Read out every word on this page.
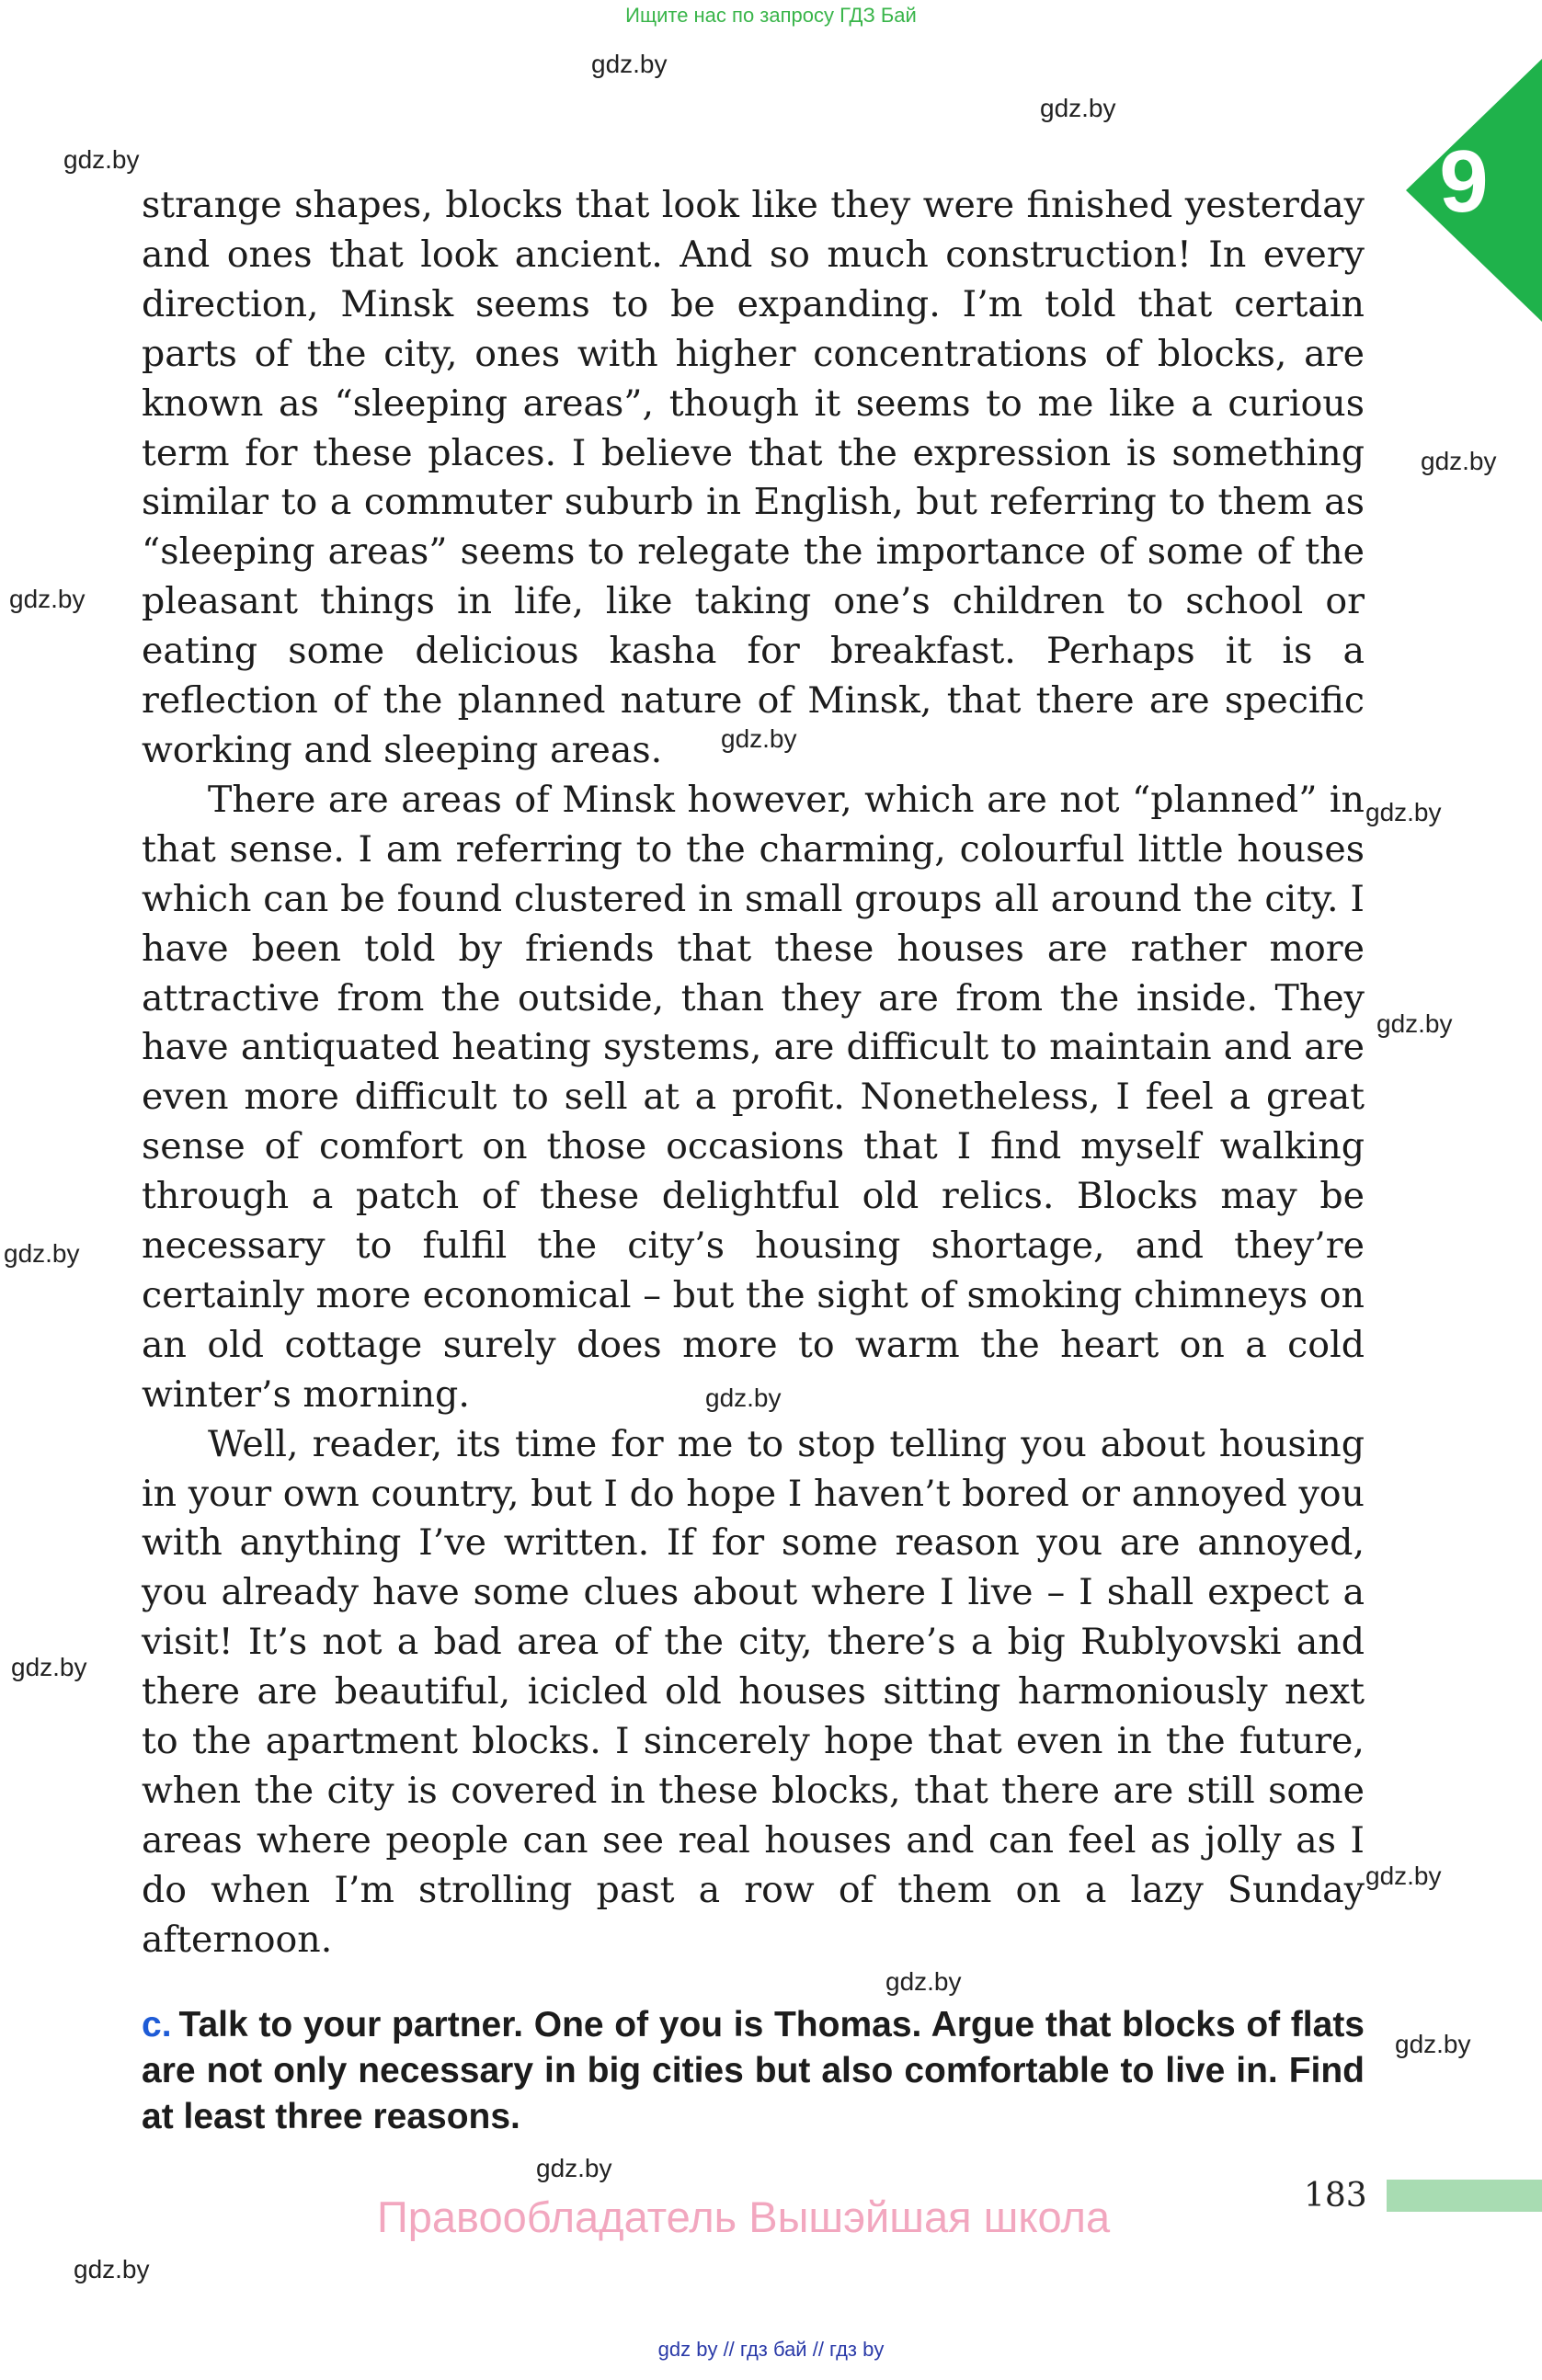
Ищите нас по запросу ГДЗ Бай
9
gdz.by
gdz.by
gdz.by
gdz.by
gdz.by
gdz.by
gdz.by
gdz.by
gdz.by
gdz.by
gdz.by
gdz.by
gdz.by
gdz.by
gdz.by
gdz.by

strange shapes, blocks that look like they were finished yesterday and ones that look ancient. And so much construction! In every direction, Minsk seems to be expanding. I’m told that certain parts of the city, ones with higher concentrations of blocks, are known as “sleeping areas”, though it seems to me like a curious term for these places. I believe that the expression is something similar to a commuter suburb in English, but referring to them as “sleeping areas” seems to relegate the importance of some of the pleasant things in life, like taking one’s children to school or eating some delicious kasha for breakfast. Perhaps it is a reflection of the planned nature of Minsk, that there are specific working and sleeping areas.

There are areas of Minsk however, which are not “planned” in that sense. I am referring to the charming, colourful little houses which can be found clustered in small groups all around the city. I have been told by friends that these houses are rather more attractive from the outside, than they are from the inside. They have antiquated heating systems, are difficult to maintain and are even more difficult to sell at a profit. Nonetheless, I feel a great sense of comfort on those occasions that I find myself walking through a patch of these delightful old relics. Blocks may be necessary to fulfil the city’s housing shortage, and they’re certainly more economical – but the sight of smoking chimneys on an old cottage surely does more to warm the heart on a cold winter’s morning.

Well, reader, its time for me to stop telling you about housing in your own country, but I do hope I haven’t bored or annoyed you with anything I’ve written. If for some reason you are annoyed, you already have some clues about where I live – I shall expect a visit! It’s not a bad area of the city, there’s a big Rublyovski and there are beautiful, icicled old houses sitting harmoniously next to the apartment blocks. I sincerely hope that even in the future, when the city is covered in these blocks, that there are still some areas where people can see real houses and can feel as jolly as I do when I’m strolling past a row of them on a lazy Sunday afternoon.

c. Talk to your partner. One of you is Thomas. Argue that blocks of flats are not only necessary in big cities but also comfortable to live in. Find at least three reasons.
183
Правообладатель Вышэйшая школа
gdz by // гдз бай // гдз by
